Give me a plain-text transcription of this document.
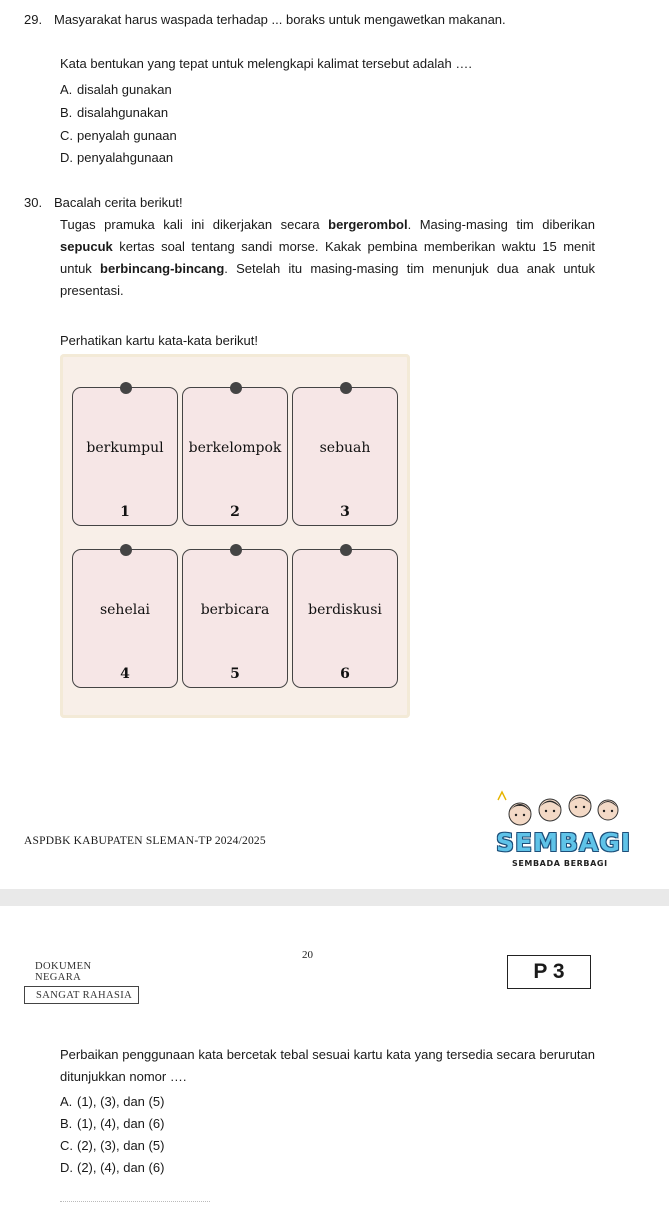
29. Masyarakat harus waspada terhadap ... boraks untuk mengawetkan makanan.
Kata bentukan yang tepat untuk melengkapi kalimat tersebut adalah ….
A. disalah gunakan
B. disalahgunakan
C. penyalah gunaan
D. penyalahgunaan
30. Bacalah cerita berikut!
Tugas pramuka kali ini dikerjakan secara bergerombol. Masing-masing tim diberikan sepucuk kertas soal tentang sandi morse. Kakak pembina memberikan waktu 15 menit untuk berbincang-bincang. Setelah itu masing-masing tim menunjuk dua anak untuk presentasi.
Perhatikan kartu kata-kata berikut!
berkumpul
1
berkelompok
2
sebuah
3
sehelai
4
berbicara
5
berdiskusi
6
ASPDBK KABUPATEN SLEMAN-TP 2024/2025	SEMBAGI
SEMBADA BERBAGI
20
DOKUMEN NEGARA
SANGAT RAHASIA
P 3
Perbaikan penggunaan kata bercetak tebal sesuai kartu kata yang tersedia secara berurutan ditunjukkan nomor ….
A. (1), (3), dan (5)
B. (1), (4), dan (6)
C. (2), (3), dan (5)
D. (2), (4), dan (6)
